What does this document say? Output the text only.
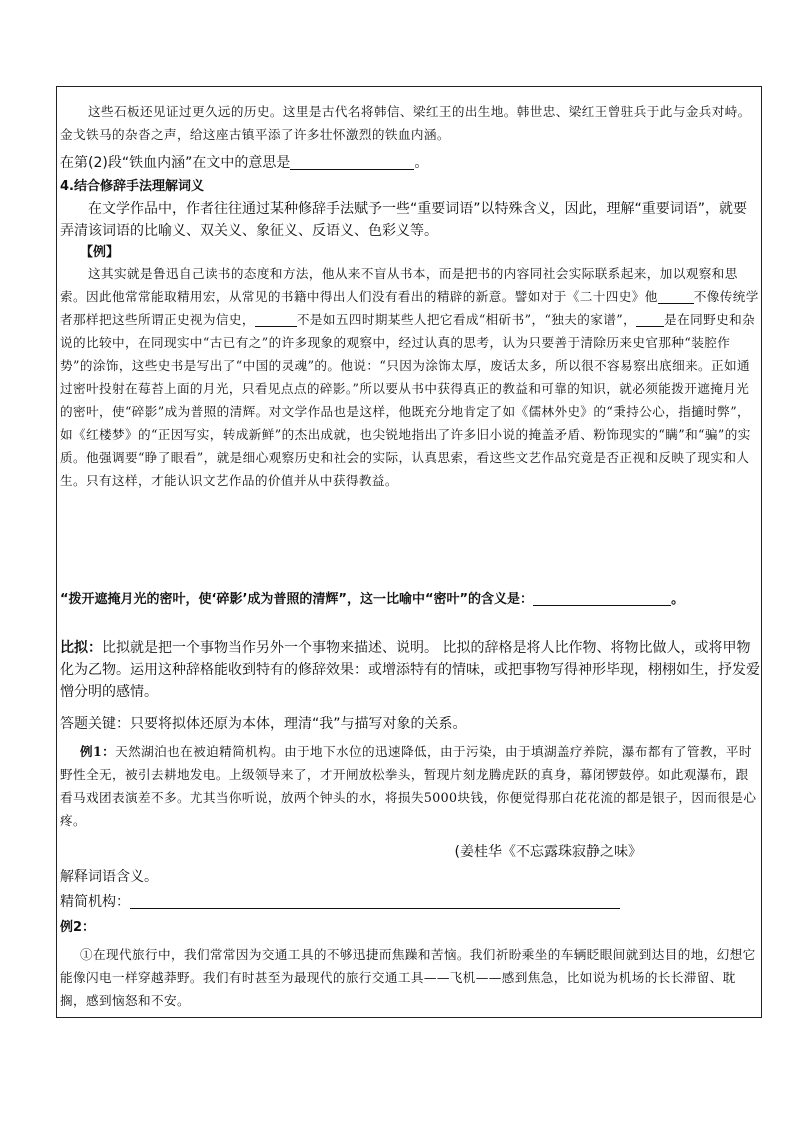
这些石板还见证过更久远的历史。这里是古代名将韩信、梁红王的出生地。韩世忠、梁红王曾驻兵于此与金兵对峙。金戈铁马的杂沓之声，给这座古镇平添了许多壮怀激烈的铁血内涵。

在第(2)段“铁血内涵”在文中的意思是	。

4.结合修辞手法理解词义

在文学作品中，作者往往通过某种修辞手法赋予一些“重要词语”以特殊含义，因此，理解“重要词语”，就要弄清该词语的比喻义、双关义、象征义、反语义、色彩义等。

【例】

这其实就是鲁迅自己读书的态度和方法，他从来不盲从书本，而是把书的内容同社会实际联系起来，加以观察和思索。因此他常常能取精用宏，从常见的书籍中得出人们没有看出的精辟的新意。譬如对于《二十四史》他	不像传统学者那样把这些所谓正史视为信史，	不是如五四时期某些人把它看成“相斫书”，“独夫的家谱”， 是在同野史和杂说的比较中，在同现实中“古已有之”的许多现象的观察中，经过认真的思考，认为只要善于清除历来史官那种“装腔作势”的涂饰，这些史书是写出了“中国的灵魂”的。他说：“只因为涂饰太厚，废话太多，所以很不容易察出底细来。正如通过密叶投射在莓苔上面的月光，只看见点点的碎影。”所以要从书中获得真正的教益和可靠的知识，就必须能拨开遮掩月光的密叶，使“碎影”成为普照的清辉。对文学作品也是这样，他既充分地肯定了如《儒林外史》的“秉持公心，指擿时弊”，如《红楼梦》的“正因写实，转成新鲜”的杰出成就，也尖锐地指出了许多旧小说的掩盖矛盾、粉饰现实的“瞒”和“骗”的实质。他强调要“睁了眼看”，就是细心观察历史和社会的实际，认真思索，看这些文艺作品究竟是否正视和反映了现实和人生。只有这样，才能认识文艺作品的价值并从中获得教益。

“拨开遮掩月光的密叶，使‘碎影’成为普照的清辉”，这一比喻中“密叶”的含义是：	。

比拟：比拟就是把一个事物当作另外一个事物来描述、说明。 比拟的辞格是将人比作物、将物比做人，或将甲物化为乙物。运用这种辞格能收到特有的修辞效果：或增添特有的情味，或把事物写得神形毕现，栩栩如生，抒发爱憎分明的感情。

答题关键：只要将拟体还原为本体，理清“我”与描写对象的关系。

例1：天然湖泊也在被迫精简机构。由于地下水位的迅速降低，由于污染，由于填湖盖疗养院，瀑布都有了管教，平时野性全无，被引去耕地发电。上级领导来了，才开闸放松拳头，暂现片刻龙腾虎跃的真身，幕闭锣鼓停。如此观瀑布，跟看马戏团表演差不多。尤其当你听说，放两个钟头的水，将损失5000块钱，你便觉得那白花花流的都是银子，因而很是心疼。

(姜桂华《不忘露珠寂静之味》

解释词语含义。

精简机构：

例2：

①在现代旅行中，我们常常因为交通工具的不够迅捷而焦躁和苦恼。我们祈盼乘坐的车辆眨眼间就到达目的地，幻想它能像闪电一样穿越莽野。我们有时甚至为最现代的旅行交通工具——飞机——感到焦急，比如说为机场的长长滞留、耽搁，感到恼怒和不安。
